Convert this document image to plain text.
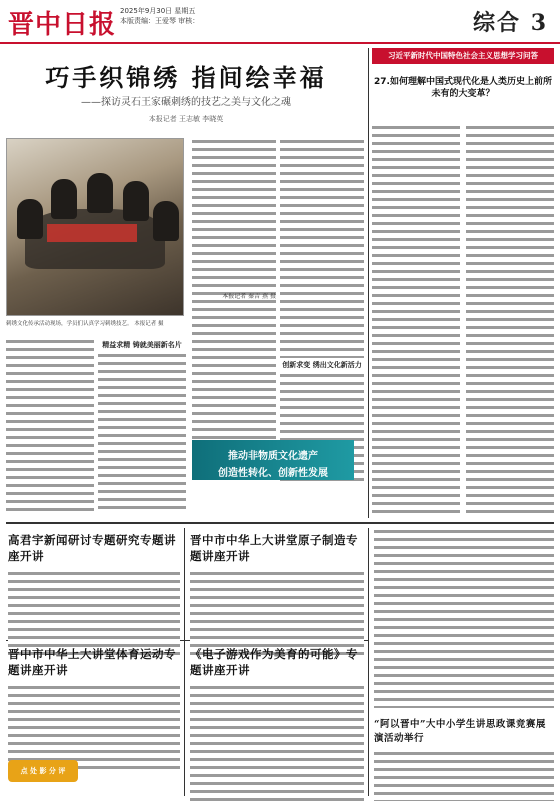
晋中日报 2025年9月30日 星期五
本版责编：王爱琴 审核：	综合 3
巧手织锦绣 指间绘幸福
——探访灵石王家碾刺绣的技艺之美与文化之魂
本报记者 王志敏 李晓英
刺绣文化传承活动现场，学员们认真学习刺绣技艺。 本报记者 摄
精益求精 铸就美丽新名片
创新求变 绣出文化新活力
本报记者 秦吉 燕 摄
推动非物质文化遗产
创造性转化、创新性发展
习近平新时代中国特色社会主义思想学习问答
27.如何理解中国式现代化是人类历史上前所未有的大变革？
高君宇新闻研讨专题研究专题讲座开讲
晋中市中华上大讲堂原子制造专题讲座开讲
晋中市中华上大讲堂体育运动专题讲座开讲
《电子游戏作为美育的可能》专题讲座开讲
“阿以晋中”大中小学生讲思政课竞赛展演活动举行
点 处 影 分 评
